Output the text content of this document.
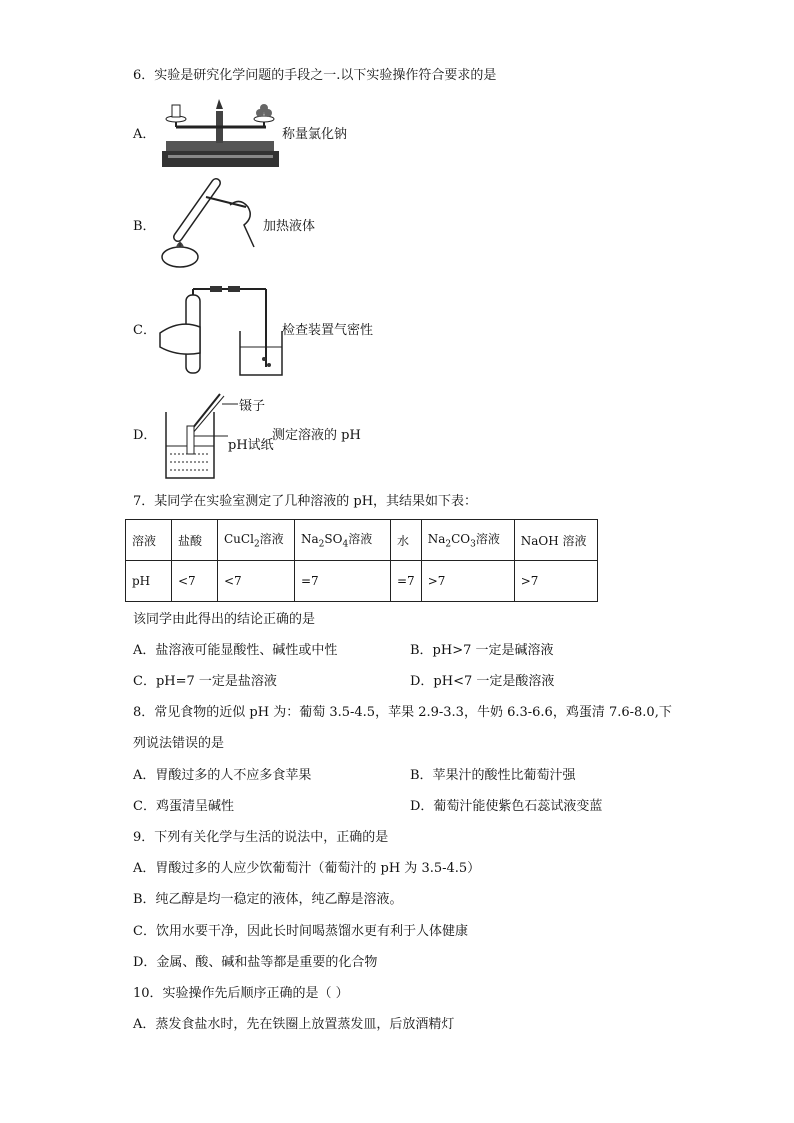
6．实验是研究化学问题的手段之一.以下实验操作符合要求的是
A．	称量氯化钠
B．	加热液体
C．	检查装置气密性
D．
镊子
pH试纸
测定溶液的 pH
7．某同学在实验室测定了几种溶液的 pH，其结果如下表：
溶液	盐酸	CuCl$_2$溶液	$Na_2SO_4$溶液	水	$Na_2CO_3$溶液	NaOH 溶液
pH	<7	<7	=7	=7	>7	>7
该同学由此得出的结论正确的是
A．盐溶液可能显酸性、碱性或中性	B．pH>7 一定是碱溶液
C．pH=7 一定是盐溶液	D．pH<7 一定是酸溶液
8．常见食物的近似 pH 为：葡萄 3.5-4.5，苹果 2.9-3.3，牛奶 6.3-6.6，鸡蛋清 7.6-8.0,下
列说法错误的是
A．胃酸过多的人不应多食苹果	B．苹果汁的酸性比葡萄汁强
C．鸡蛋清呈碱性	D．葡萄汁能使紫色石蕊试液变蓝
9．下列有关化学与生活的说法中，正确的是
A．胃酸过多的人应少饮葡萄汁（葡萄汁的 pH 为 3.5-4.5）
B．纯乙醇是均一稳定的液体，纯乙醇是溶液。
C．饮用水要干净，因此长时间喝蒸馏水更有利于人体健康
D．金属、酸、碱和盐等都是重要的化合物
10．实验操作先后顺序正确的是（ ）
A．蒸发食盐水时，先在铁圈上放置蒸发皿，后放酒精灯
